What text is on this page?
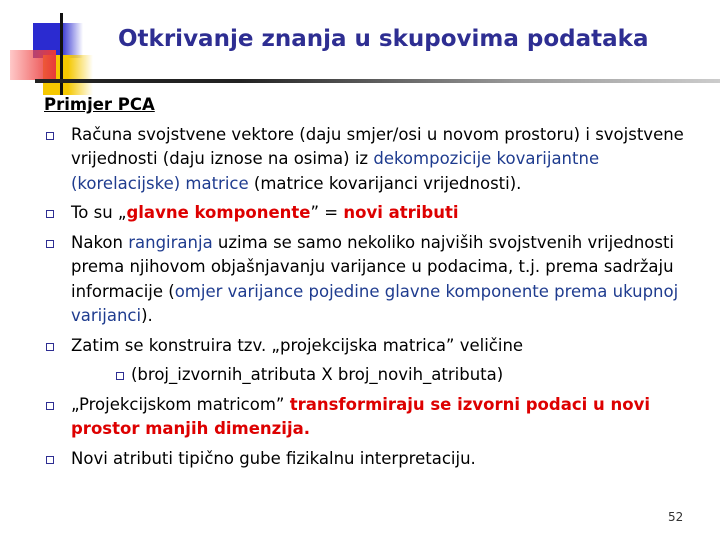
Otkrivanje znanja u skupovima podataka
Primjer PCA
Računa svojstvene vektore (daju smjer/osi u novom prostoru) i svojstvene vrijednosti (daju iznose na osima) iz dekompozicije kovarijantne (korelacijske) matrice (matrice kovarijanci vrijednosti).
To su „glavne komponente” = novi atributi
Nakon rangiranja uzima se samo nekoliko najviših svojstvenih vrijednosti prema njihovom objašnjavanju varijance u podacima, t.j. prema sadržaju informacije (omjer varijance pojedine glavne komponente prema ukupnoj varijanci).
Zatim se konstruira tzv. „projekcijska matrica” veličine
(broj_izvornih_atributa X broj_novih_atributa)
„Projekcijskom matricom” transformiraju se izvorni podaci u novi prostor manjih dimenzija.
Novi atributi tipično gube fizikalnu interpretaciju.
52
